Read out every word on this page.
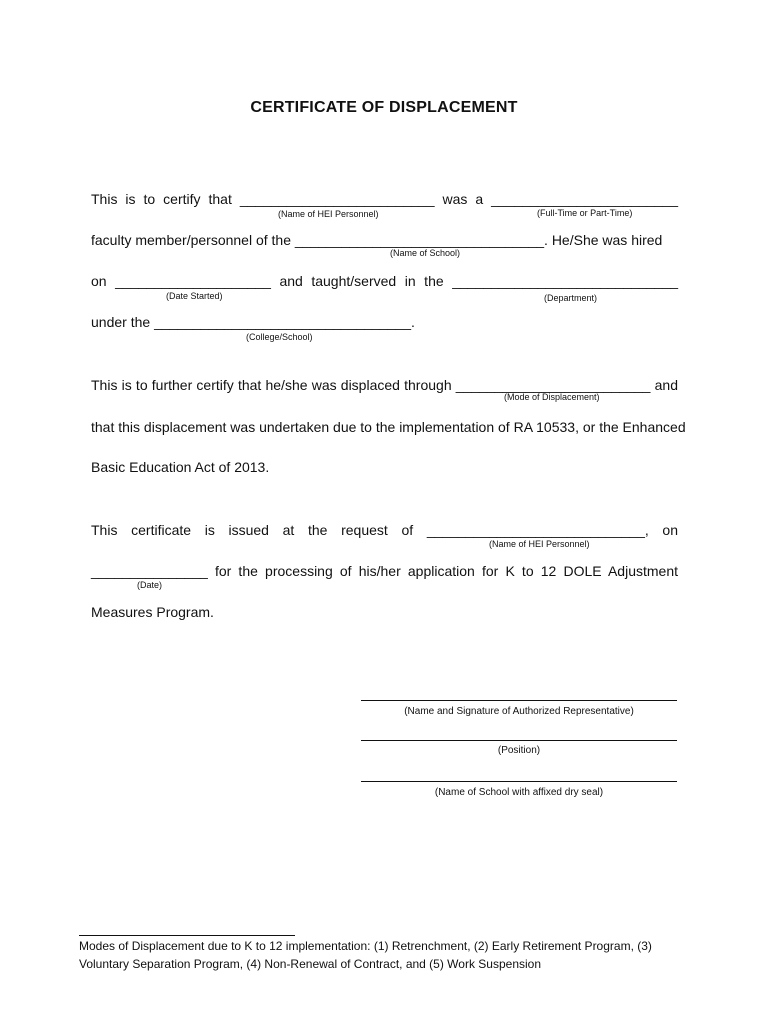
CERTIFICATE OF DISPLACEMENT
This is to certify that _________________________ was a ________________________
(Name of HEI Personnel)	(Full-Time or Part-Time)
faculty member/personnel of the ________________________________. He/She was hired
(Name of School)
on ____________________ and taught/served in the _____________________________
(Date Started)	(Department)
under the _________________________________.
(College/School)
This is to further certify that he/she was displaced through _________________________ and
(Mode of Displacement)
that this displacement was undertaken due to the implementation of RA 10533, or the Enhanced
Basic Education Act of 2013.
This certificate is issued at the request of ____________________________, on
(Name of HEI Personnel)
_______________ for the processing of his/her application for K to 12 DOLE Adjustment
(Date)
Measures Program.
(Name and Signature of Authorized Representative)
(Position)
(Name of School with affixed dry seal)
Modes of Displacement due to K to 12 implementation: (1) Retrenchment, (2) Early Retirement Program, (3)
Voluntary Separation Program, (4) Non-Renewal of Contract, and (5) Work Suspension
